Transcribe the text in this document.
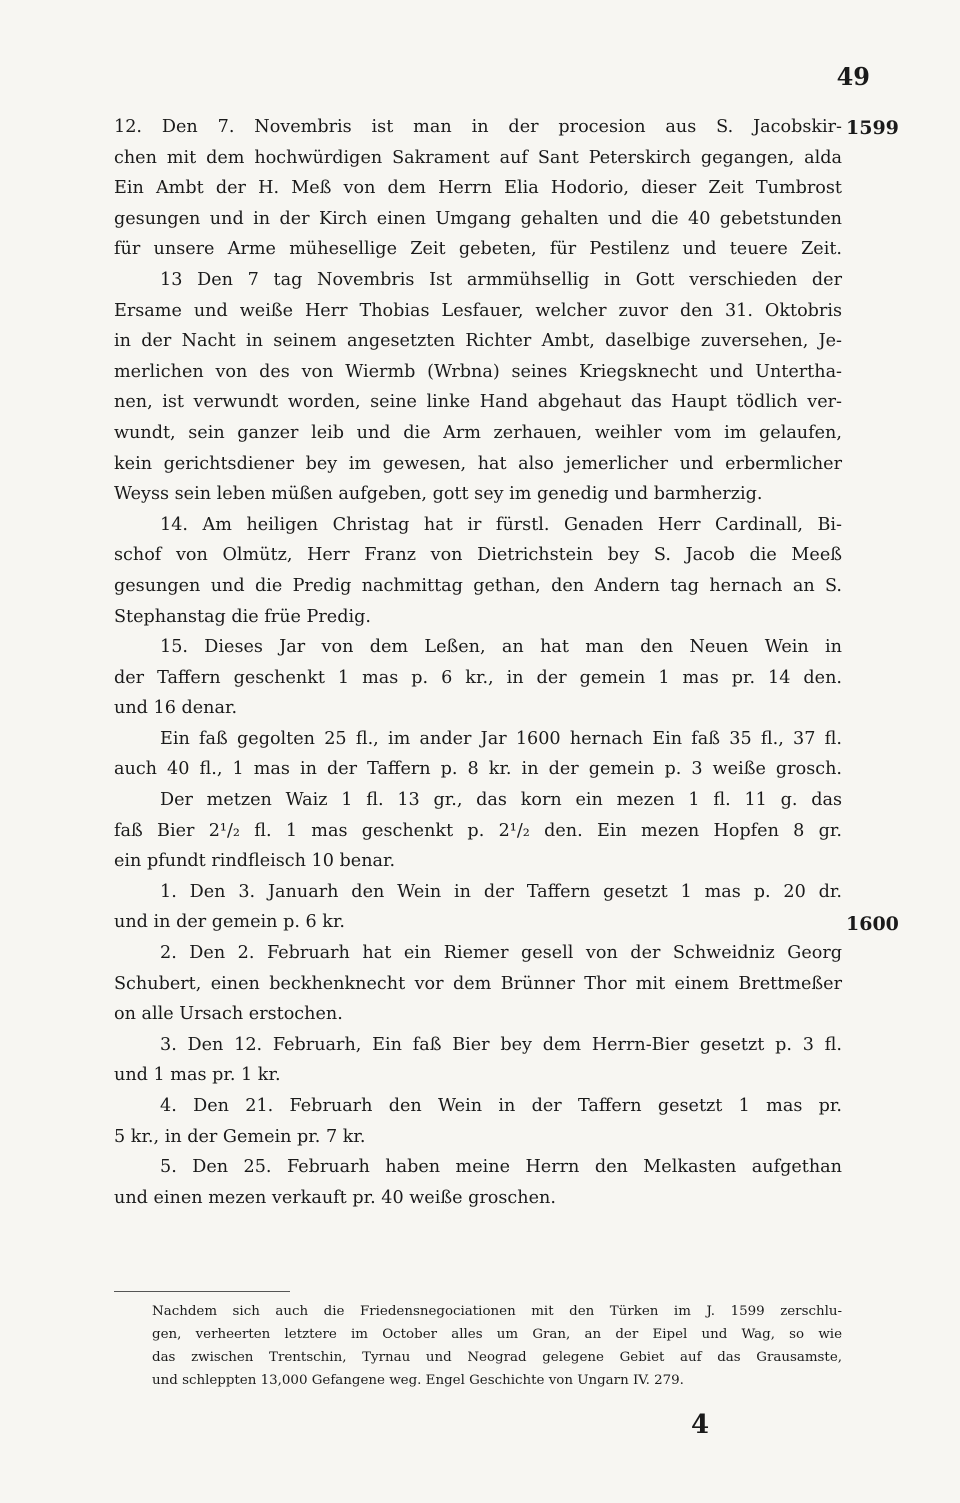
49
1599
1600
12. Den 7. Novembris ist man in der procesion aus S. Jacobskir-
chen mit dem hochwürdigen Sakrament auf Sant Peterskirch gegangen, alda
Ein Ambt der H. Meß von dem Herrn Elia Hodorio, dieser Zeit Tumbrost
gesungen und in der Kirch einen Umgang gehalten und die 40 gebetstunden
für unsere Arme mühesellige Zeit gebeten, für Pestilenz und teuere Zeit.
13 Den 7 tag Novembris Ist armmühsellig in Gott verschieden der
Ersame und weiße Herr Thobias Lesfauer, welcher zuvor den 31. Oktobris
in der Nacht in seinem angesetzten Richter Ambt, daselbige zuversehen, Je-
merlichen von des von Wiermb (Wrbna) seines Kriegsknecht und Untertha-
nen, ist verwundt worden, seine linke Hand abgehaut das Haupt tödlich ver-
wundt, sein ganzer leib und die Arm zerhauen, weihler vom im gelaufen,
kein gerichtsdiener bey im gewesen, hat also jemerlicher und erbermlicher
Weyss sein leben müßen aufgeben, gott sey im genedig und barmherzig.
14. Am heiligen Christag hat ir fürstl. Genaden Herr Cardinall, Bi-
schof von Olmütz, Herr Franz von Dietrichstein bey S. Jacob die Meeß
gesungen und die Predig nachmittag gethan, den Andern tag hernach an S.
Stephanstag die früe Predig.
15. Dieses Jar von dem Leßen, an hat man den Neuen Wein in
der Taffern geschenkt 1 mas p. 6 kr., in der gemein 1 mas pr. 14 den.
und 16 denar.
Ein faß gegolten 25 fl., im ander Jar 1600 hernach Ein faß 35 fl., 37 fl.
auch 40 fl., 1 mas in der Taffern p. 8 kr. in der gemein p. 3 weiße grosch.
Der metzen Waiz 1 fl. 13 gr., das korn ein mezen 1 fl. 11 g. das
faß Bier 2¹/₂ fl. 1 mas geschenkt p. 2¹/₂ den. Ein mezen Hopfen 8 gr.
ein pfundt rindfleisch 10 benar.
1. Den 3. Januarh den Wein in der Taffern gesetzt 1 mas p. 20 dr.
und in der gemein p. 6 kr.
2. Den 2. Februarh hat ein Riemer gesell von der Schweidniz Georg
Schubert, einen beckhenknecht vor dem Brünner Thor mit einem Brettmeßer
on alle Ursach erstochen.
3. Den 12. Februarh, Ein faß Bier bey dem Herrn-Bier gesetzt p. 3 fl.
und 1 mas pr. 1 kr.
4. Den 21. Februarh den Wein in der Taffern gesetzt 1 mas pr.
5 kr., in der Gemein pr. 7 kr.
5. Den 25. Februarh haben meine Herrn den Melkasten aufgethan
und einen mezen verkauft pr. 40 weiße groschen.
Nachdem sich auch die Friedensnegociationen mit den Türken im J. 1599 zerschlu-
gen, verheerten letztere im October alles um Gran, an der Eipel und Wag, so wie
das zwischen Trentschin, Tyrnau und Neograd gelegene Gebiet auf das Grausamste,
und schleppten 13,000 Gefangene weg. Engel Geschichte von Ungarn IV. 279.
4
